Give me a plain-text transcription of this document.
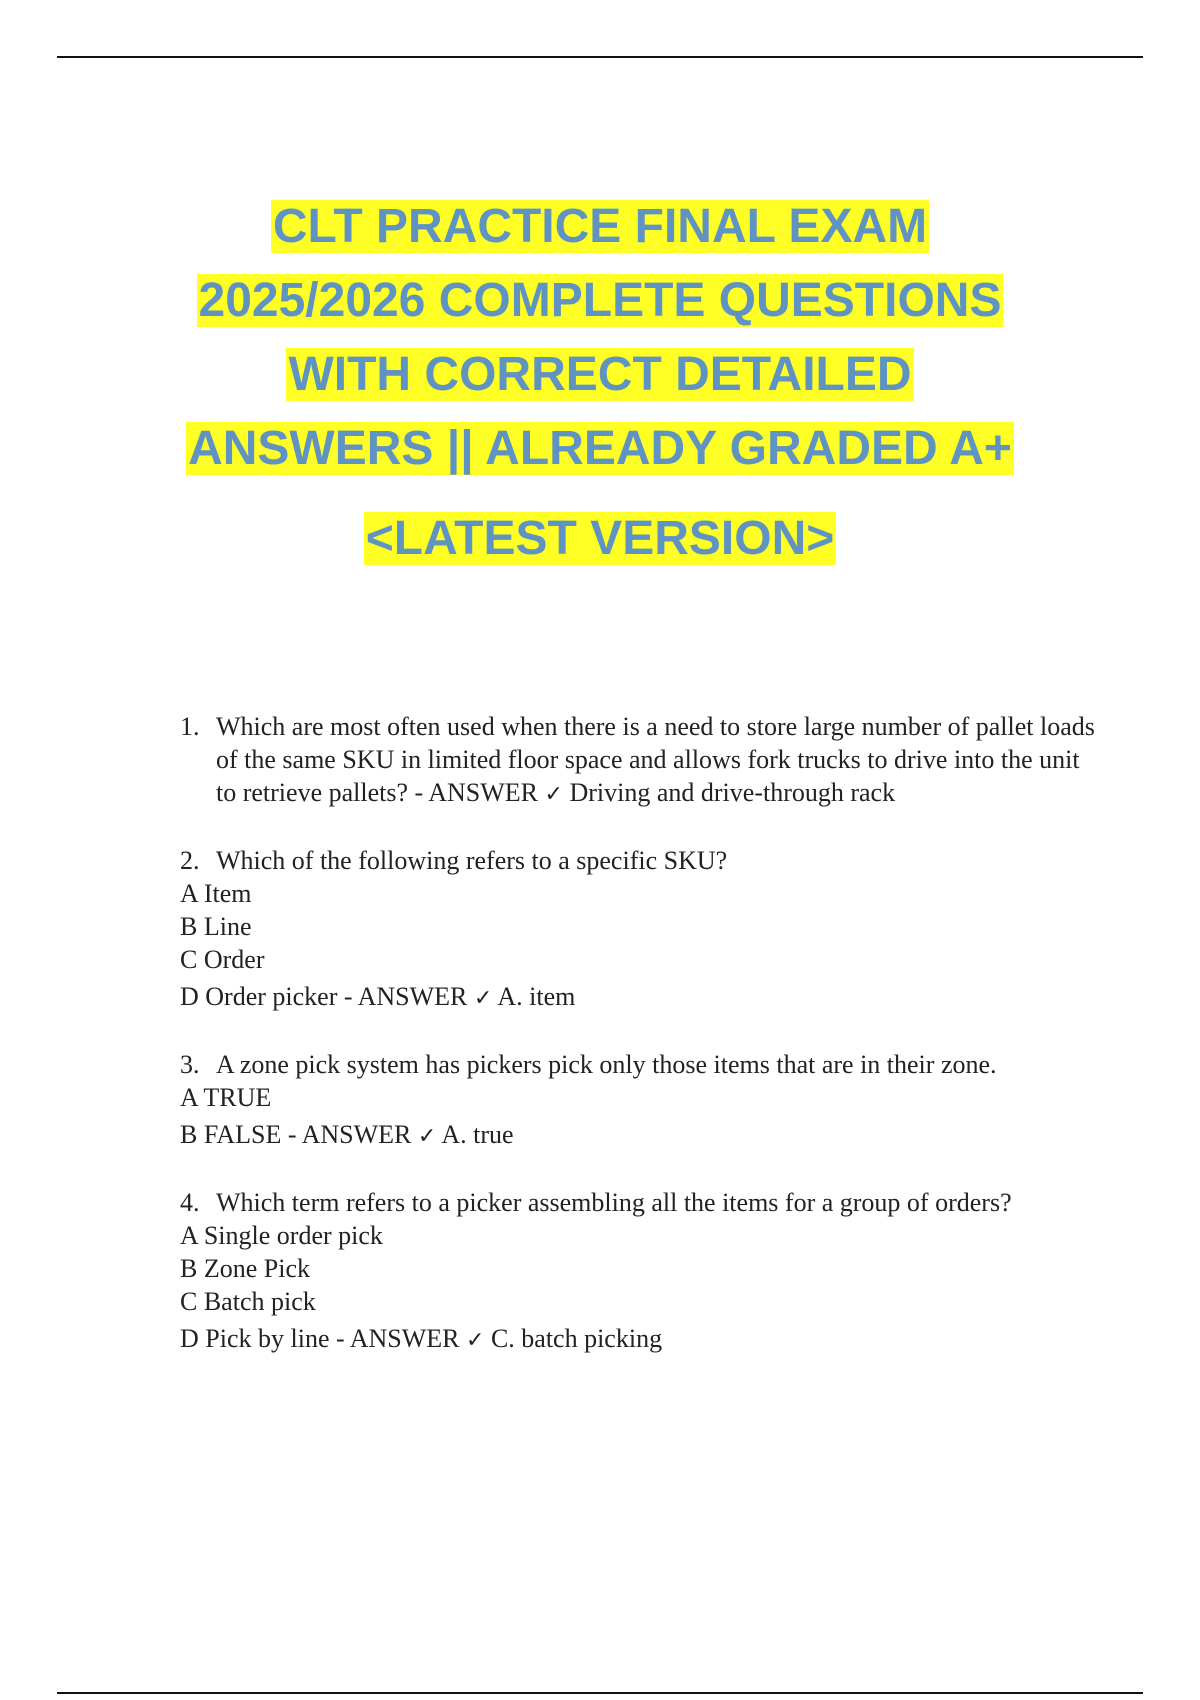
CLT PRACTICE FINAL EXAM
2025/2026 COMPLETE QUESTIONS
WITH CORRECT DETAILED
ANSWERS || ALREADY GRADED A+
<LATEST VERSION>
1. Which are most often used when there is a need to store large number of pallet loads of the same SKU in limited floor space and allows fork trucks to drive into the unit to retrieve pallets? - ANSWER ✓ Driving and drive-through rack
2. Which of the following refers to a specific SKU?
A Item
B Line
C Order
D Order picker - ANSWER ✓ A. item
3. A zone pick system has pickers pick only those items that are in their zone.
A TRUE
B FALSE - ANSWER ✓ A. true
4. Which term refers to a picker assembling all the items for a group of orders?
A Single order pick
B Zone Pick
C Batch pick
D Pick by line - ANSWER ✓ C. batch picking
